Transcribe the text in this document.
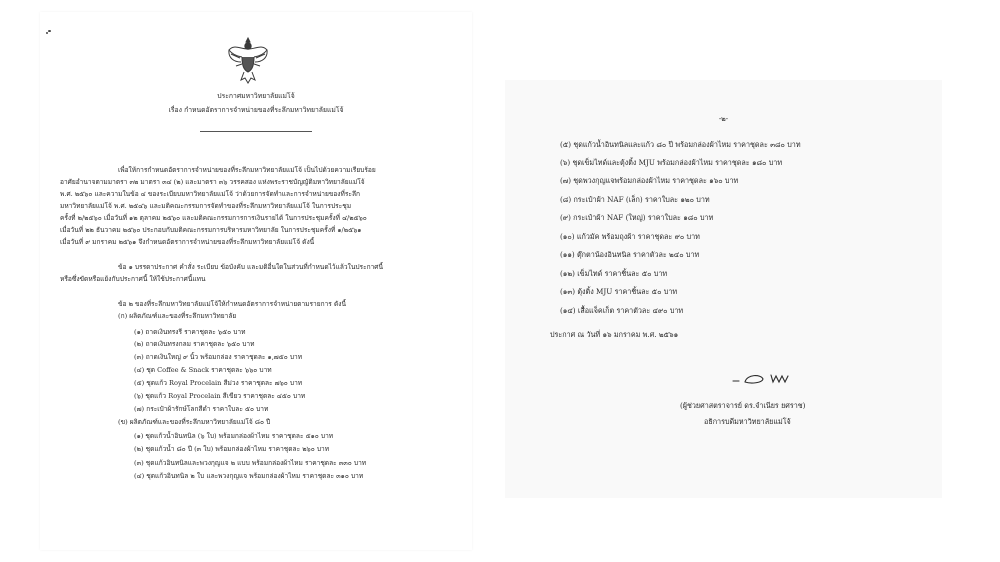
ประกาศมหาวิทยาลัยแม่โจ้
เรื่อง กำหนดอัตราการจำหน่ายของที่ระลึกมหาวิทยาลัยแม่โจ้
เพื่อให้การกำหนดอัตราการจำหน่ายของที่ระลึกมหาวิทยาลัยแม่โจ้ เป็นไปด้วยความเรียบร้อย
อาศัยอำนาจตามมาตรา ๓๒ มาตรา ๓๔ (๒) และมาตรา ๓๖ วรรคสอง แห่งพระราชบัญญัติมหาวิทยาลัยแม่โจ้
พ.ศ. ๒๕๖๐ และความในข้อ ๔ ของระเบียบมหาวิทยาลัยแม่โจ้ ว่าด้วยการจัดทำและการจำหน่ายของที่ระลึก
มหาวิทยาลัยแม่โจ้ พ.ศ. ๒๕๔๖ และมติคณะกรรมการจัดทำของที่ระลึกมหาวิทยาลัยแม่โจ้ ในการประชุม
ครั้งที่ ๒/๒๕๖๐ เมื่อวันที่ ๑๒ ตุลาคม ๒๕๖๐ และมติคณะกรรมการการเงินรายได้ ในการประชุมครั้งที่ ๔/๒๕๖๐
เมื่อวันที่ ๒๒ ธันวาคม ๒๕๖๐ ประกอบกับมติคณะกรรมการบริหารมหาวิทยาลัย ในการประชุมครั้งที่ ๑/๒๕๖๑
เมื่อวันที่ ๙ มกราคม ๒๕๖๑ จึงกำหนดอัตราการจำหน่ายของที่ระลึกมหาวิทยาลัยแม่โจ้ ดังนี้
ข้อ ๑ บรรดาประกาศ คำสั่ง ระเบียบ ข้อบังคับ และมติอื่นใดในส่วนที่กำหนดไว้แล้วในประกาศนี้
หรือซึ่งขัดหรือแย้งกับประกาศนี้ ให้ใช้ประกาศนี้แทน
ข้อ ๒ ของที่ระลึกมหาวิทยาลัยแม่โจ้ให้กำหนดอัตราการจำหน่ายตามรายการ ดังนี้
(ก) ผลิตภัณฑ์และของที่ระลึกมหาวิทยาลัย
(๑) ถาดเงินทรงรี ราคาชุดละ ๖๕๐ บาท
(๒) ถาดเงินทรงกลม ราคาชุดละ ๖๕๐ บาท
(๓) ถาดเงินใหญ่ ๙ นิ้ว พร้อมกล่อง ราคาชุดละ ๑,๗๕๐ บาท
(๔) ชุด Coffee & Snack ราคาชุดละ ๖๖๐ บาท
(๕) ชุดแก้ว Royal Procelain สีม่วง ราคาชุดละ ๗๖๐ บาท
(๖) ชุดแก้ว Royal Procelain สีเขียว ราคาชุดละ ๔๕๐ บาท
(๗) กระเป๋าผ้ารักษ์โลกสีดำ ราคาใบละ ๕๐ บาท
(ข) ผลิตภัณฑ์และของที่ระลึกมหาวิทยาลัยแม่โจ้ ๘๐ ปี
(๑) ชุดแก้วน้ำอินทนิล (๖ ใบ) พร้อมกล่องผ้าไหม ราคาชุดละ ๕๑๐ บาท
(๒) ชุดแก้วน้ำ ๘๐ ปี (๓ ใบ) พร้อมกล่องผ้าไหม ราคาชุดละ ๒๖๐ บาท
(๓) ชุดแก้วอินทนิลและพวงกุญแจ ๒ แบบ พร้อมกล่องผ้าไหม ราคาชุดละ ๓๓๐ บาท
(๔) ชุดแก้วอินทนิล ๒ ใบ และพวงกุญแจ พร้อมกล่องผ้าไหม ราคาชุดละ ๓๑๐ บาท
-๒-
(๕) ชุดแก้วน้ำอินทนิลและแก้ว ๘๐ ปี พร้อมกล่องผ้าไหม ราคาชุดละ ๓๘๐ บาท
(๖) ชุดเข็มไทด์และตุ้งติ้ง MJU พร้อมกล่องผ้าไหม ราคาชุดละ ๑๘๐ บาท
(๗) ชุดพวงกุญแจพร้อมกล่องผ้าไหม ราคาชุดละ ๑๖๐ บาท
(๘) กระเป๋าผ้า NAF (เล็ก) ราคาใบละ ๑๒๐ บาท
(๙) กระเป๋าผ้า NAF (ใหญ่) ราคาใบละ ๑๘๐ บาท
(๑๐) แก้วมัค พร้อมถุงผ้า ราคาชุดละ ๙๐ บาท
(๑๑) ตุ๊กตาน้องอินทนิล ราคาตัวละ ๒๔๐ บาท
(๑๒) เข็มไทด์ ราคาชิ้นละ ๕๐ บาท
(๑๓) ตุ้งติ้ง MJU ราคาชิ้นละ ๕๐ บาท
(๑๔) เสื้อแจ็คเก็ต ราคาตัวละ ๔๙๐ บาท
ประกาศ ณ วันที่ ๑๖ มกราคม พ.ศ. ๒๕๖๑
(ผู้ช่วยศาสตราจารย์ ดร.จำเนียร ยศราช)
อธิการบดีมหาวิทยาลัยแม่โจ้
